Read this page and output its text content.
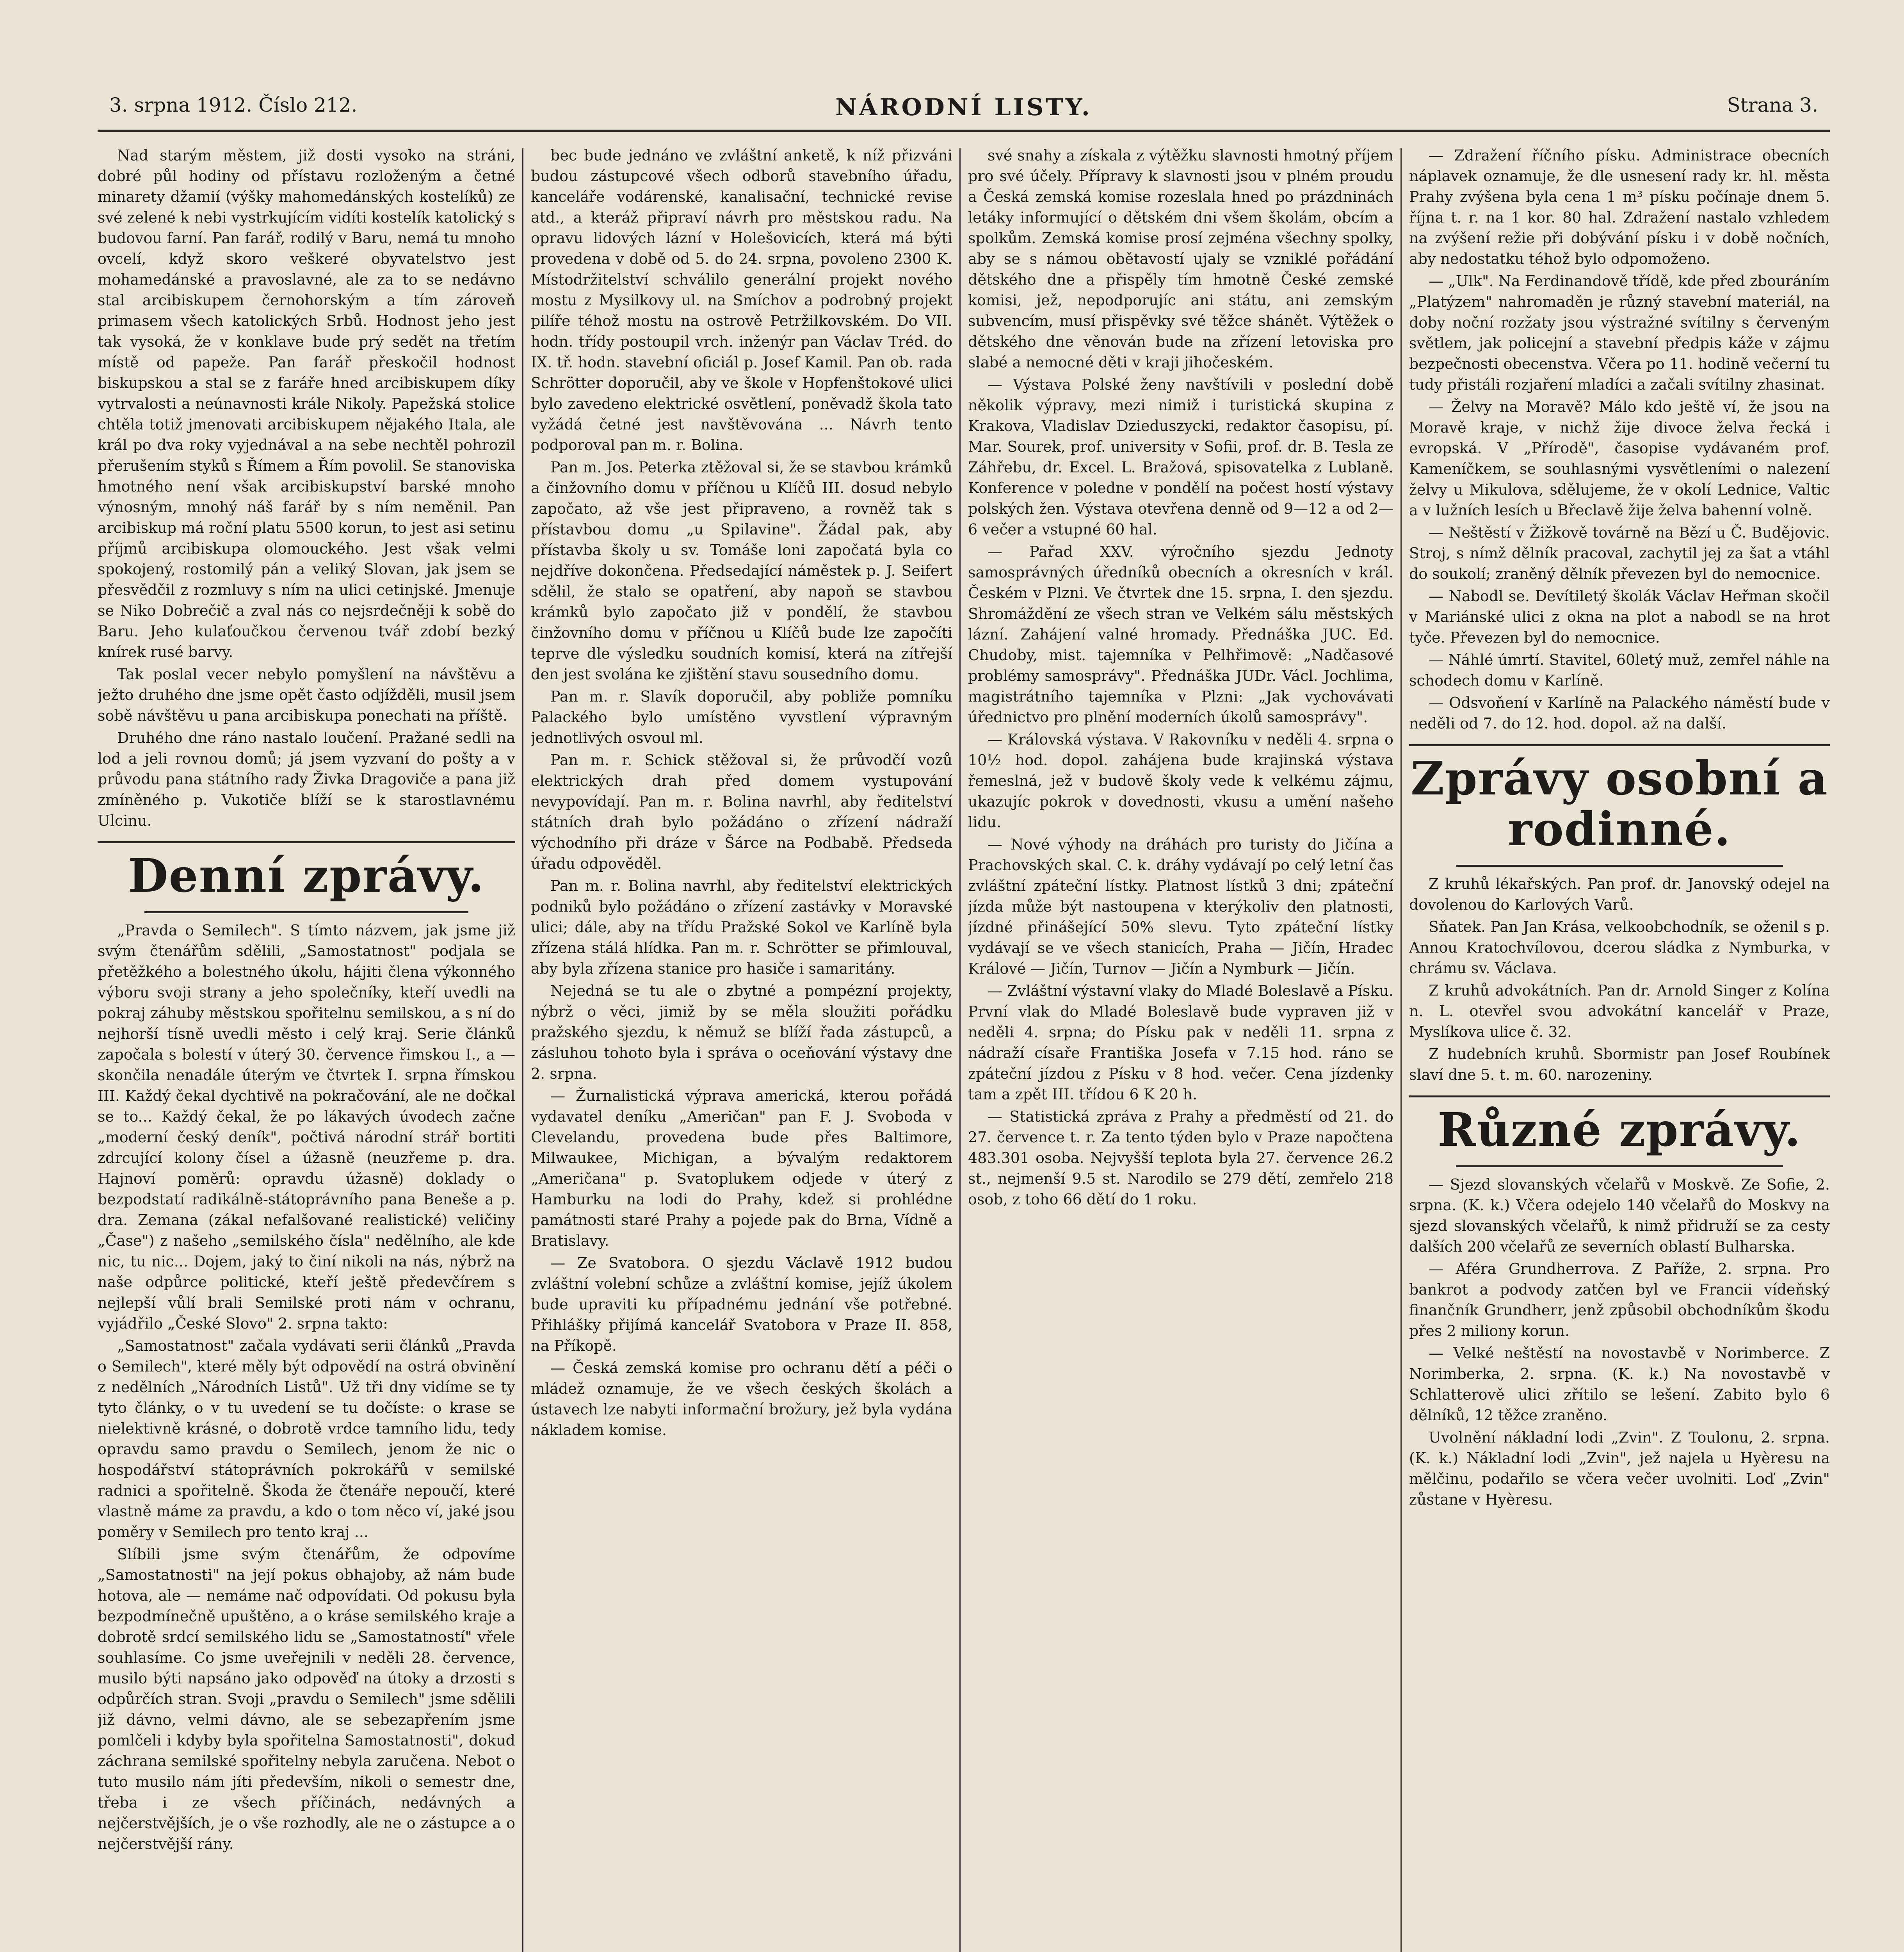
3. srpna 1912. Číslo 212.	NÁRODNÍ LISTY.	Strana 3.

Nad starým městem, již dosti vysoko na stráni, dobré půl hodiny od přístavu rozloženým a četné minarety džamií (výšky mahomedánských kostelíků) ze své zelené k nebi vystrkujícím vidíti kostelík katolický s budovou farní. Pan farář, rodilý v Baru, nemá tu mnoho ovcelí, když skoro veškeré obyvatelstvo jest mohamedánské a pravoslavné, ale za to se nedávno stal arcibiskupem černohorským a tím zároveň primasem všech katolických Srbů. Hodnost jeho jest tak vysoká, že v konklave bude prý sedět na třetím místě od papeže. Pan farář přeskočil hodnost biskupskou a stal se z faráře hned arcibiskupem díky vytrvalosti a neúnavnosti krále Nikoly. Papežská stolice chtěla totiž jmenovati arcibiskupem nějakého Itala, ale král po dva roky vyjednával a na sebe nechtěl pohrozil přerušením styků s Římem a Řím povolil. Se stanoviska hmotného není však arcibiskupství barské mnoho výnosným, mnohý náš farář by s ním neměnil. Pan arcibiskup má roční platu 5500 korun, to jest asi setinu příjmů arcibiskupa olomouckého. Jest však velmi spokojený, rostomilý pán a veliký Slovan, jak jsem se přesvědčil z rozmluvy s ním na ulici cetinjské. Jmenuje se Niko Dobrečič a zval nás co nejsrdečněji k sobě do Baru. Jeho kulaťoučkou červenou tvář zdobí bezký knírek rusé barvy.

Tak poslal vecer nebylo pomyšlení na návštěvu a ježto druhého dne jsme opět často odjížděli, musil jsem sobě návštěvu u pana arcibiskupa ponechati na příště.

Druhého dne ráno nastalo loučení. Pražané sedli na lod a jeli rovnou domů; já jsem vyzvaní do pošty a v průvodu pana státního rady Živka Dragoviče a pana již zmíněného p. Vukotiče blíží se k starostlavnému Ulcinu.

Denní zprávy.

„Pravda o Semilech". S tímto názvem, jak jsme již svým čtenářům sdělili, „Samostatnost" podjala se přetěžkého a bolestného úkolu, hájiti člena výkonného výboru svoji strany a jeho společníky, kteří uvedli na pokraj záhuby městskou spořitelnu semilskou, a s ní do nejhorší tísně uvedli město i celý kraj. Serie článků započala s bolestí v úterý 30. července řimskou I., a — skončila nenadále úterým ve čtvrtek I. srpna římskou III. Každý čekal dychtivě na pokračování, ale ne dočkal se to... Každý čekal, že po lákavých úvodech začne „moderní český deník", počtivá národní strář bortiti zdrcující kolony čísel a úžasně (neuzřeme p. dra. Hajnoví poměrů: opravdu úžasně) doklady o bezpodstatí radikálně-státoprávního pana Beneše a p. dra. Zemana (zákal nefalšované realistické) veličiny „Čase") z našeho „semilského čísla" nedělního, ale kde nic, tu nic... Dojem, jaký to činí nikoli na nás, nýbrž na naše odpůrce politické, kteří ještě předevčírem s nejlepší vůlí brali Semilské proti nám v ochranu, vyjádřilo „České Slovo" 2. srpna takto:

„Samostatnost" začala vydávati serii článků „Pravda o Semilech", které měly být odpovědí na ostrá obvinění z nedělních „Národních Listů". Už tři dny vidíme se ty tyto články, o v tu uvedení se tu dočíste: o krase se nielektivně krásné, o dobrotě vrdce tamního lidu, tedy opravdu samo pravdu o Semilech, jenom že nic o hospodářství státoprávních pokrokářů v semilské radnici a spořitelně. Škoda že čtenáře nepoučí, které vlastně máme za pravdu, a kdo o tom něco ví, jaké jsou poměry v Semilech pro tento kraj ...

Slíbili jsme svým čtenářům, že odpovíme „Samostatnosti" na její pokus obhajoby, až nám bude hotova, ale — nemáme nač odpovídati. Od pokusu byla bezpodmínečně upuštěno, a o kráse semilského kraje a dobrotě srdcí semilského lidu se „Samostatností" vřele souhlasíme. Co jsme uveřejnili v neděli 28. července, musilo býti napsáno jako odpověď na útoky a drzosti s odpůrčích stran. Svoji „pravdu o Semilech" jsme sdělili již dávno, velmi dávno, ale se sebezapřením jsme pomlčeli i kdyby byla spořitelna Samostatnosti", dokud záchrana semilské spořitelny nebyla zaručena. Nebot o tuto musilo nám jíti především, nikoli o semestr dne, třeba i ze všech příčinách, nedávných a nejčerstvějších, je o vše rozhodly, ale ne o zástupce a o nejčerstvější rány.

bec bude jednáno ve zvláštní anketě, k níž přizváni budou zástupcové všech odborů stavebního úřadu, kanceláře vodárenské, kanalisační, technické revise atd., a kteráž připraví návrh pro městskou radu. Na opravu lidových lázní v Holešovicích, která má býti provedena v době od 5. do 24. srpna, povoleno 2300 K. Místodržitelství schválilo generální projekt nového mostu z Mysilkovy ul. na Smíchov a podrobný projekt pilíře téhož mostu na ostrově Petržilkovském. Do VII. hodn. třídy postoupil vrch. inženýr pan Václav Tréd. do IX. tř. hodn. stavební oficiál p. Josef Kamil. Pan ob. rada Schrötter doporučil, aby ve škole v Hopfenštokové ulici bylo zavedeno elektrické osvětlení, poněvadž škola tato vyžádá četné jest navštěvována ... Návrh tento podporoval pan m. r. Bolina.

Pan m. Jos. Peterka ztěžoval si, že se stavbou krámků a činžovního domu v příčnou u Klíčů III. dosud nebylo započato, až vše jest připraveno, a rovněž tak s přístavbou domu „u Spilavine". Žádal pak, aby přístavba školy u sv. Tomáše loni započatá byla co nejdříve dokončena. Předsedající náměstek p. J. Seifert sdělil, že stalo se opatření, aby napoň se stavbou krámků bylo započato již v pondělí, že stavbou činžovního domu v příčnou u Klíčů bude lze započíti teprve dle výsledku soudních komisí, která na zítřejší den jest svolána ke zjištění stavu sousedního domu.

Pan m. r. Slavík doporučil, aby pobliže pomníku Palackého bylo umístěno vyvstlení výpravným jednotlivých osvoul ml.

Pan m. r. Schick stěžoval si, že průvodčí vozů elektrických drah před domem vystupování nevypovídají. Pan m. r. Bolina navrhl, aby ředitelství státních drah bylo požádáno o zřízení nádraží východního při dráze v Šárce na Podbabě. Předseda úřadu odpověděl.

Pan m. r. Bolina navrhl, aby ředitelství elektrických podniků bylo požádáno o zřízení zastávky v Moravské ulici; dále, aby na třídu Pražské Sokol ve Karlíně byla zřízena stálá hlídka. Pan m. r. Schrötter se přimlouval, aby byla zřízena stanice pro hasiče i samaritány.

Nejedná se tu ale o zbytné a pompézní projekty, nýbrž o věci, jimiž by se měla sloužiti pořádku pražského sjezdu, k němuž se blíží řada zástupců, a zásluhou tohoto byla i správa o oceňování výstavy dne 2. srpna.

— Žurnalistická výprava americká, kterou pořádá vydavatel deníku „Američan" pan F. J. Svoboda v Clevelandu, provedena bude přes Baltimore, Milwaukee, Michigan, a bývalým redaktorem „Američana" p. Svatoplukem odjede v úterý z Hamburku na lodi do Prahy, kdež si prohlédne památnosti staré Prahy a pojede pak do Brna, Vídně a Bratislavy.

— Ze Svatobora. O sjezdu Václavě 1912 budou zvláštní volební schůze a zvláštní komise, jejíž úkolem bude upraviti ku případnému jednání vše potřebné. Přihlášky přijímá kancelář Svatobora v Praze II. 858, na Příkopě.

— Česká zemská komise pro ochranu dětí a péči o mládež oznamuje, že ve všech českých školách a ústavech lze nabyti informační brožury, jež byla vydána nákladem komise.

své snahy a získala z výtěžku slavnosti hmotný příjem pro své účely. Přípravy k slavnosti jsou v plném proudu a Česká zemská komise rozeslala hned po prázdninách letáky informující o dětském dni všem školám, obcím a spolkům. Zemská komise prosí zejména všechny spolky, aby se s námou obětavostí ujaly se vzniklé pořádání dětského dne a přispěly tím hmotně České zemské komisi, jež, nepodporujíc ani státu, ani zemským subvencím, musí přispěvky své těžce shánět. Výtěžek o dětského dne věnován bude na zřízení letoviska pro slabé a nemocné děti v kraji jihočeském.

— Výstava Polské ženy navštívili v poslední době několik výpravy, mezi nimiž i turistická skupina z Krakova, Vladislav Dzieduszycki, redaktor časopisu, pí. Mar. Sourek, prof. university v Sofii, prof. dr. B. Tesla ze Záhřebu, dr. Excel. L. Bražová, spisovatelka z Lublaně. Konference v poledne v pondělí na počest hostí výstavy polských žen. Výstava otevřena denně od 9—12 a od 2—6 večer a vstupné 60 hal.

— Pařad XXV. výročního sjezdu Jednoty samosprávných úředníků obecních a okresních v král. Českém v Plzni. Ve čtvrtek dne 15. srpna, I. den sjezdu. Shromáždění ze všech stran ve Velkém sálu městských lázní. Zahájení valné hromady. Přednáška JUC. Ed. Chudoby, mist. tajemníka v Pelhřimově: „Nadčasové problémy samosprávy". Přednáška JUDr. Václ. Jochlima, magistrátního tajemníka v Plzni: „Jak vychovávati úřednictvo pro plnění moderních úkolů samosprávy".

— Královská výstava. V Rakovníku v neděli 4. srpna o 10½ hod. dopol. zahájena bude krajinská výstava řemeslná, jež v budově školy vede k velkému zájmu, ukazujíc pokrok v dovednosti, vkusu a umění našeho lidu.

— Nové výhody na dráhách pro turisty do Jičína a Prachovských skal. C. k. dráhy vydávají po celý letní čas zvláštní zpáteční lístky. Platnost lístků 3 dni; zpáteční jízda může být nastoupena v kterýkoliv den platnosti, jízdné přinášející 50% slevu. Tyto zpáteční lístky vydávají se ve všech stanicích, Praha — Jičín, Hradec Králové — Jičín, Turnov — Jičín a Nymburk — Jičín.

— Zvláštní výstavní vlaky do Mladé Boleslavě a Písku. První vlak do Mladé Boleslavě bude vypraven již v neděli 4. srpna; do Písku pak v neděli 11. srpna z nádraží císaře Františka Josefa v 7.15 hod. ráno se zpáteční jízdou z Písku v 8 hod. večer. Cena jízdenky tam a zpět III. třídou 6 K 20 h.

— Statistická zpráva z Prahy a předměstí od 21. do 27. července t. r. Za tento týden bylo v Praze napočtena 483.301 osoba. Nejvyšší teplota byla 27. července 26.2 st., nejmenší 9.5 st. Narodilo se 279 dětí, zemřelo 218 osob, z toho 66 dětí do 1 roku.

— Zdražení říčního písku. Administrace obecních náplavek oznamuje, že dle usnesení rady kr. hl. města Prahy zvýšena byla cena 1 m³ písku počínaje dnem 5. října t. r. na 1 kor. 80 hal. Zdražení nastalo vzhledem na zvýšení režie při dobývání písku i v době nočních, aby nedostatku téhož bylo odpomoženo.

— „Ulk". Na Ferdinandově třídě, kde před zbouráním „Platýzem" nahromaděn je různý stavební materiál, na doby noční rozžaty jsou výstražné svítilny s červeným světlem, jak policejní a stavební předpis káže v zájmu bezpečnosti obecenstva. Včera po 11. hodině večerní tu tudy přistáli rozjaření mladíci a začali svítilny zhasinat.

— Želvy na Moravě? Málo kdo ještě ví, že jsou na Moravě kraje, v nichž žije divoce želva řecká i evropská. V „Přírodě", časopise vydávaném prof. Kameníčkem, se souhlasnými vysvětleními o nalezení želvy u Mikulova, sdělujeme, že v okolí Lednice, Valtic a v lužních lesích u Břeclavě žije želva bahenní volně.

— Neštěstí v Žižkově továrně na Bězí u Č. Budějovic. Stroj, s nímž dělník pracoval, zachytil jej za šat a vtáhl do soukolí; zraněný dělník převezen byl do nemocnice.

— Nabodl se. Devítiletý školák Václav Heřman skočil v Mariánské ulici z okna na plot a nabodl se na hrot tyče. Převezen byl do nemocnice.

— Náhlé úmrtí. Stavitel, 60letý muž, zemřel náhle na schodech domu v Karlíně.

— Odsvoňení v Karlíně na Palackého náměstí bude v neděli od 7. do 12. hod. dopol. až na další.

Zprávy osobní a rodinné.

Z kruhů lékařských. Pan prof. dr. Janovský odejel na dovolenou do Karlových Varů.

Sňatek. Pan Jan Krása, velkoobchodník, se oženil s p. Annou Kratochvílovou, dcerou sládka z Nymburka, v chrámu sv. Václava.

Z kruhů advokátních. Pan dr. Arnold Singer z Kolína n. L. otevřel svou advokátní kancelář v Praze, Myslíkova ulice č. 32.

Z hudebních kruhů. Sbormistr pan Josef Roubínek slaví dne 5. t. m. 60. narozeniny.

Různé zprávy.

— Sjezd slovanských včelařů v Moskvě. Ze Sofie, 2. srpna. (K. k.) Včera odejelo 140 včelařů do Moskvy na sjezd slovanských včelařů, k nimž přidruží se za cesty dalších 200 včelařů ze severních oblastí Bulharska.

— Aféra Grundherrova. Z Paříže, 2. srpna. Pro bankrot a podvody zatčen byl ve Francii vídeňský finančník Grundherr, jenž způsobil obchodníkům škodu přes 2 miliony korun.

— Velké neštěstí na novostavbě v Norimberce. Z Norimberka, 2. srpna. (K. k.) Na novostavbě v Schlatterově ulici zřítilo se lešení. Zabito bylo 6 dělníků, 12 těžce zraněno.

Uvolnění nákladní lodi „Zvin". Z Toulonu, 2. srpna. (K. k.) Nákladní lodi „Zvin", jež najela u Hyèresu na mělčinu, podařilo se včera večer uvolniti. Loď „Zvin" zůstane v Hyèresu.
